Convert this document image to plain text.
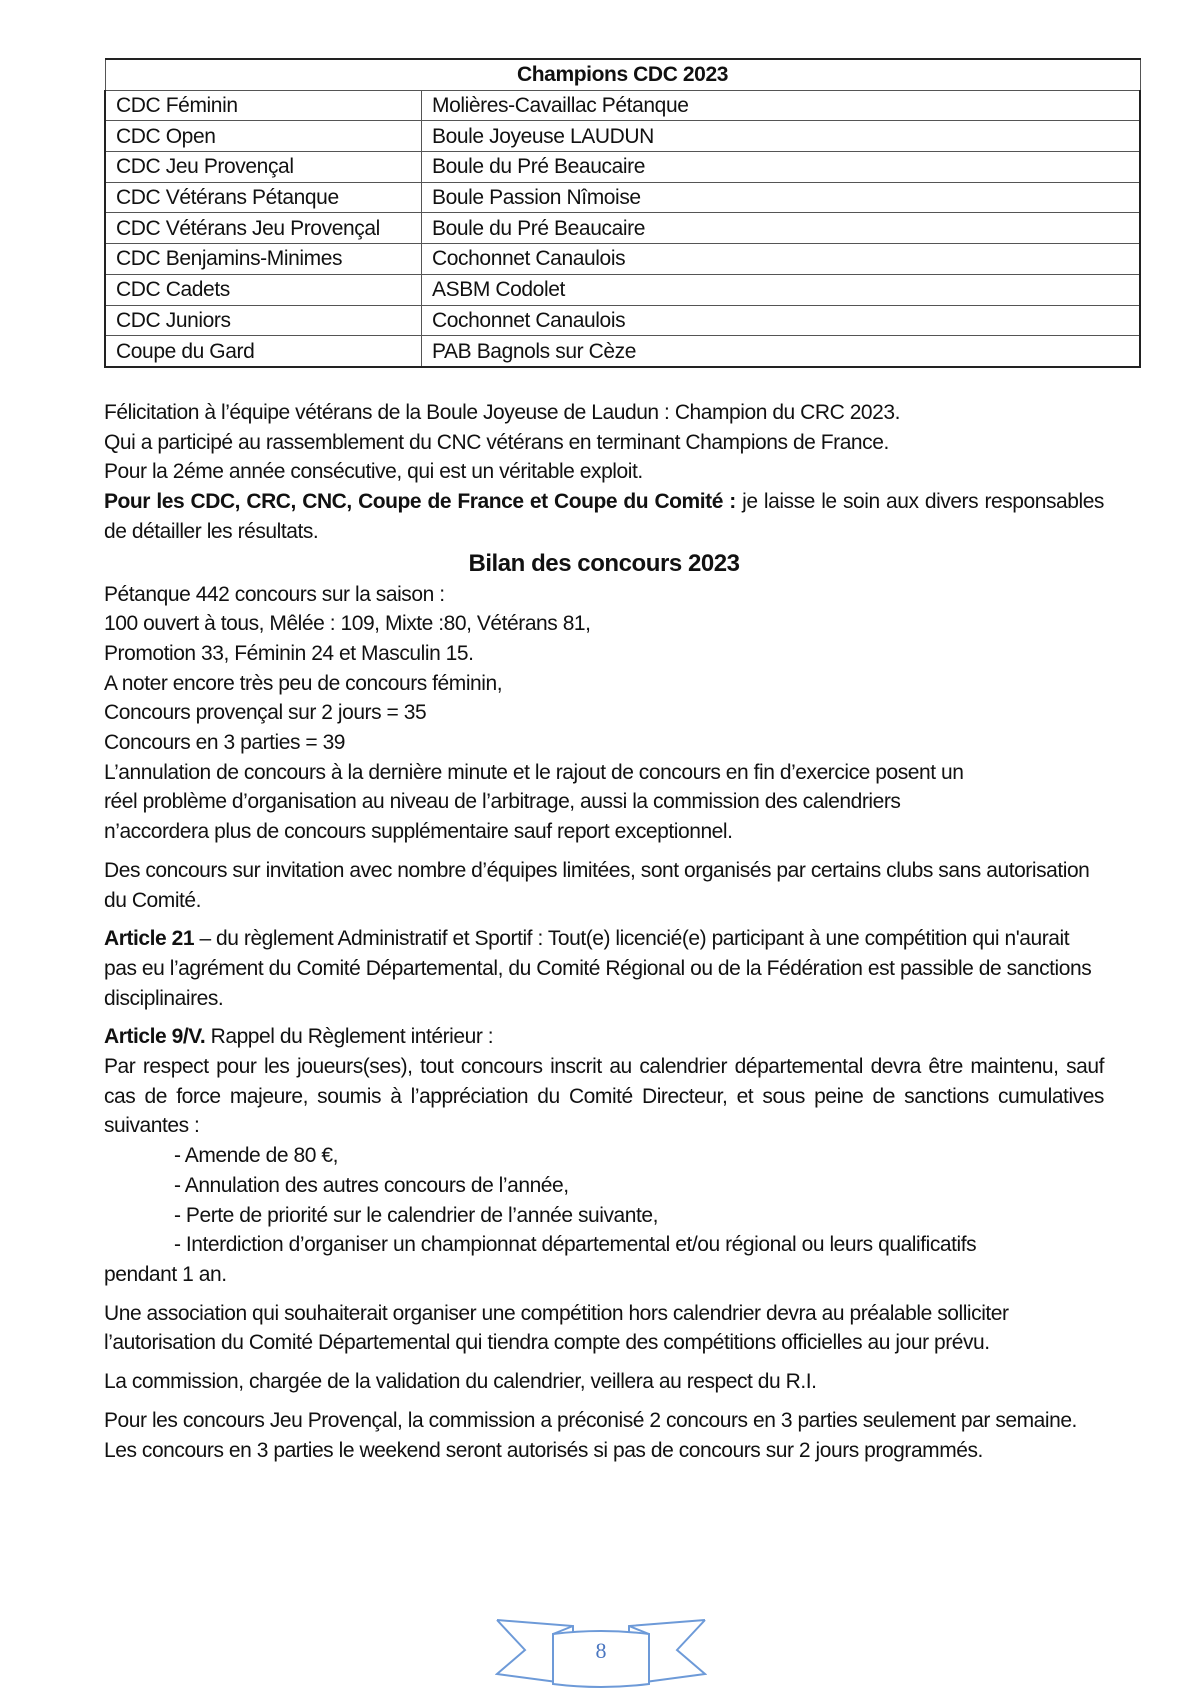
Champions CDC 2023	
CDC Féminin	Molières-Cavaillac Pétanque
CDC Open	Boule Joyeuse LAUDUN
CDC Jeu Provençal	Boule du Pré Beaucaire
CDC Vétérans Pétanque	Boule Passion Nîmoise
CDC Vétérans Jeu Provençal	Boule du Pré Beaucaire
CDC Benjamins-Minimes	Cochonnet Canaulois
CDC Cadets	ASBM Codolet
CDC Juniors	Cochonnet Canaulois
Coupe du Gard	PAB Bagnols sur Cèze

Félicitation à l’équipe vétérans de la Boule Joyeuse de Laudun : Champion du CRC 2023.

Qui a participé au rassemblement du CNC vétérans en terminant Champions de France.

Pour la 2éme année consécutive, qui est un véritable exploit.

Pour les CDC, CRC, CNC, Coupe de France et Coupe du Comité : je laisse le soin aux divers responsables de détailler les résultats.

Bilan des concours 2023

Pétanque 442 concours sur la saison :

100 ouvert à tous, Mêlée : 109, Mixte :80, Vétérans 81,

Promotion 33, Féminin 24 et Masculin 15.

A noter encore très peu de concours féminin,

Concours provençal sur 2 jours = 35

Concours en 3 parties = 39

L’annulation de concours à la dernière minute et le rajout de concours en fin d’exercice posent un

réel problème d’organisation au niveau de l’arbitrage, aussi la commission des calendriers

n’accordera plus de concours supplémentaire sauf report exceptionnel.

Des concours sur invitation avec nombre d’équipes limitées, sont organisés par certains clubs sans autorisation du Comité.

Article 21 – du règlement Administratif et Sportif : Tout(e) licencié(e) participant à une compétition qui n'aurait pas eu l’agrément du Comité Départemental, du Comité Régional ou de la Fédération est passible de sanctions disciplinaires.

Article 9/V. Rappel du Règlement intérieur :

Par respect pour les joueurs(ses), tout concours inscrit au calendrier départemental devra être maintenu, sauf cas de force majeure, soumis à l’appréciation du Comité Directeur, et sous peine de sanctions cumulatives suivantes :

- Amende de 80 €,

- Annulation des autres concours de l’année,

- Perte de priorité sur le calendrier de l’année suivante,

- Interdiction d’organiser un championnat départemental et/ou régional ou leurs qualificatifs

pendant 1 an.

Une association qui souhaiterait organiser une compétition hors calendrier devra au préalable solliciter l’autorisation du Comité Départemental qui tiendra compte des compétitions officielles au jour prévu.

La commission, chargée de la validation du calendrier, veillera au respect du R.I.

Pour les concours Jeu Provençal, la commission a préconisé 2 concours en 3 parties seulement par semaine.

Les concours en 3 parties le weekend seront autorisés si pas de concours sur 2 jours programmés.

8
